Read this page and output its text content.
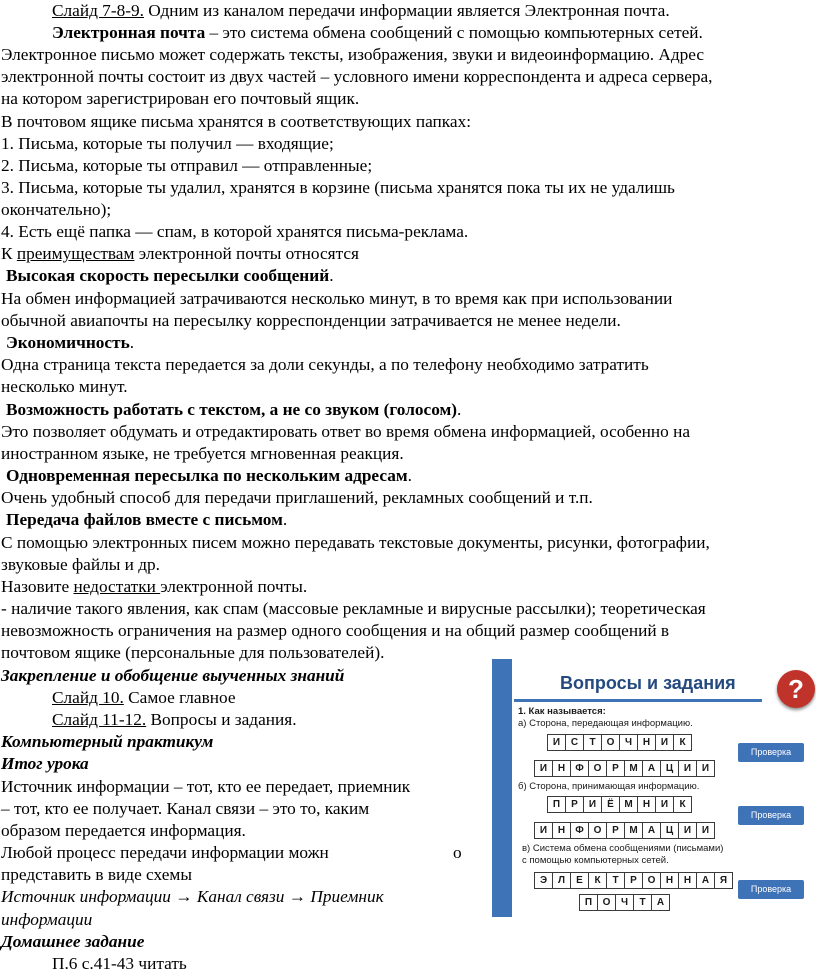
Слайд 7-8-9. Одним из каналом передачи информации является Электронная почта.
Электронная почта – это система обмена сообщений с помощью компьютерных сетей.
Электронное письмо может содержать тексты, изображения, звуки и видеоинформацию. Адрес
электронной почты состоит из двух частей – условного имени корреспондента и адреса сервера,
на котором зарегистрирован его почтовый ящик.
В почтовом ящике письма хранятся в соответствующих папках:
1. Письма, которые ты получил — входящие;
2. Письма, которые ты отправил — отправленные;
3. Письма, которые ты удалил, хранятся в корзине (письма хранятся пока ты их не удалишь
окончательно);
4. Есть ещё папка — спам, в которой хранятся письма-реклама.
К преимуществам электронной почты относятся
Высокая скорость пересылки сообщений.
На обмен информацией затрачиваются несколько минут, в то время как при использовании
обычной авиапочты на пересылку корреспонденции затрачивается не менее недели.
Экономичность.
Одна страница текста передается за доли секунды, а по телефону необходимо затратить
несколько минут.
Возможность работать с текстом, а не со звуком (голосом).
Это позволяет обдумать и отредактировать ответ во время обмена информацией, особенно на
иностранном языке, не требуется мгновенная реакция.
Одновременная пересылка по нескольким адресам.
Очень удобный способ для передачи приглашений, рекламных сообщений и т.п.
Передача файлов вместе с письмом.
С помощью электронных писем можно передавать текстовые документы, рисунки, фотографии,
звуковые файлы и др.
Назовите недостатки электронной почты.
- наличие такого явления, как спам (массовые рекламные и вирусные рассылки); теоретическая
невозможность ограничения на размер одного сообщения и на общий размер сообщений в
почтовом ящике (персональные для пользователей).
Закрепление и обобщение выученных знаний
Слайд 10. Самое главное
Слайд 11-12. Вопросы и задания.
Компьютерный практикум
Итог урока
Источник информации – тот, кто ее передает, приемник
– тот, кто ее получает. Канал связи – это то, каким
образом передается информация.
Любой процесс передачи информации можн	о
представить в виде схемы
Источник информации → Канал связи → Приемник
информации
Домашнее задание
П.6 с.41-43 читать
Вопросы и задания	?
1. Как называется:
а) Сторона, передающая информацию.
И	С	Т	О	Ч	Н	И	К
Проверка
И	Н	Ф О	Р	М	А	Ц	И	И
б) Сторона, принимающая информацию.
П	Р	И	Ё	М	Н	И	К
Проверка
И	Н	Ф О	Р	М	А	Ц	И	И
в) Система обмена сообщениями (письмами)
с помощью компьютерных сетей.
Э	Л	Е	К	Т	Р	О	Н	Н	А	Я
Проверка
П	О	Ч	Т	А
